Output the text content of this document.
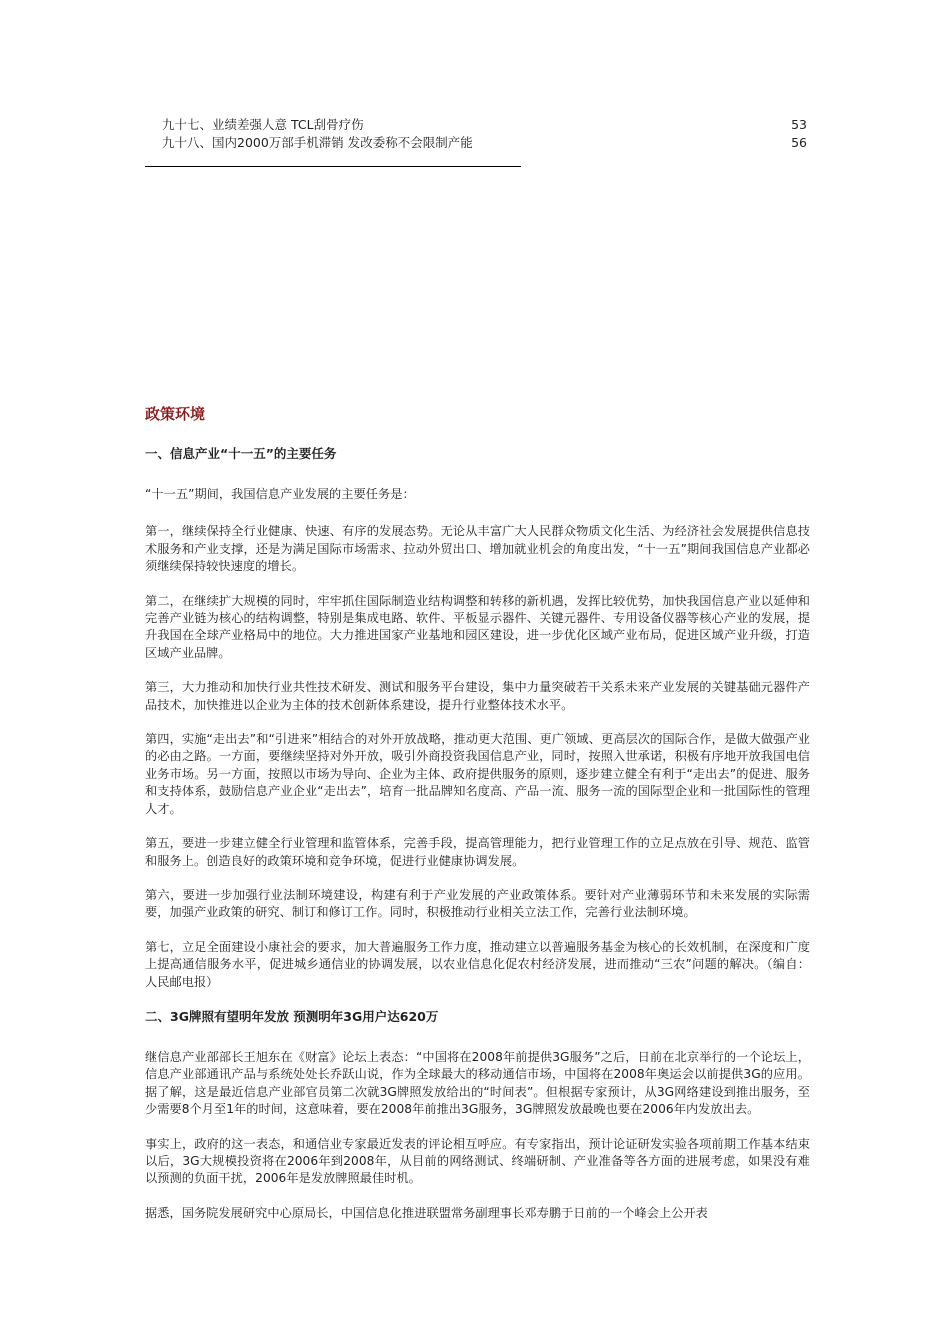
九十七、业绩差强人意 TCL刮骨疗伤	53
九十八、国内2000万部手机滞销 发改委称不会限制产能	56
政策环境
一、信息产业“十一五”的主要任务

“十一五”期间，我国信息产业发展的主要任务是：

第一，继续保持全行业健康、快速、有序的发展态势。无论从丰富广大人民群众物质文化生活、为经济社会发展提供信息技术服务和产业支撑，还是为满足国际市场需求、拉动外贸出口、增加就业机会的角度出发，“十一五”期间我国信息产业都必须继续保持较快速度的增长。

第二，在继续扩大规模的同时，牢牢抓住国际制造业结构调整和转移的新机遇，发挥比较优势，加快我国信息产业以延伸和完善产业链为核心的结构调整，特别是集成电路、软件、平板显示器件、关键元器件、专用设备仪器等核心产业的发展，提升我国在全球产业格局中的地位。大力推进国家产业基地和园区建设，进一步优化区域产业布局，促进区域产业升级，打造区域产业品牌。

第三，大力推动和加快行业共性技术研发、测试和服务平台建设，集中力量突破若干关系未来产业发展的关键基础元器件产品技术，加快推进以企业为主体的技术创新体系建设，提升行业整体技术水平。

第四，实施“走出去”和“引进来”相结合的对外开放战略，推动更大范围、更广领域、更高层次的国际合作，是做大做强产业的必由之路。一方面，要继续坚持对外开放，吸引外商投资我国信息产业，同时，按照入世承诺，积极有序地开放我国电信业务市场。另一方面，按照以市场为导向、企业为主体、政府提供服务的原则，逐步建立健全有利于“走出去”的促进、服务和支持体系，鼓励信息产业企业“走出去”，培育一批品牌知名度高、产品一流、服务一流的国际型企业和一批国际性的管理人才。

第五，要进一步建立健全行业管理和监管体系，完善手段，提高管理能力，把行业管理工作的立足点放在引导、规范、监管和服务上。创造良好的政策环境和竞争环境，促进行业健康协调发展。

第六，要进一步加强行业法制环境建设，构建有利于产业发展的产业政策体系。要针对产业薄弱环节和未来发展的实际需要，加强产业政策的研究、制订和修订工作。同时，积极推动行业相关立法工作，完善行业法制环境。

第七，立足全面建设小康社会的要求，加大普遍服务工作力度，推动建立以普遍服务基金为核心的长效机制，在深度和广度上提高通信服务水平，促进城乡通信业的协调发展，以农业信息化促农村经济发展，进而推动“三农”问题的解决。（编自：人民邮电报）

二、3G牌照有望明年发放 预测明年3G用户达620万

继信息产业部部长王旭东在《财富》论坛上表态：“中国将在2008年前提供3G服务”之后，日前在北京举行的一个论坛上，信息产业部通讯产品与系统处处长乔跃山说，作为全球最大的移动通信市场，中国将在2008年奥运会以前提供3G的应用。据了解，这是最近信息产业部官员第二次就3G牌照发放给出的“时间表”。但根据专家预计，从3G网络建设到推出服务，至少需要8个月至1年的时间，这意味着，要在2008年前推出3G服务，3G牌照发放最晚也要在2006年内发放出去。

事实上，政府的这一表态，和通信业专家最近发表的评论相互呼应。有专家指出，预计论证研发实验各项前期工作基本结束以后，3G大规模投资将在2006年到2008年，从目前的网络测试、终端研制、产业准备等各方面的进展考虑，如果没有难以预测的负面干扰，2006年是发放牌照最佳时机。

据悉，国务院发展研究中心原局长，中国信息化推进联盟常务副理事长邓寿鹏于日前的一个峰会上公开表
